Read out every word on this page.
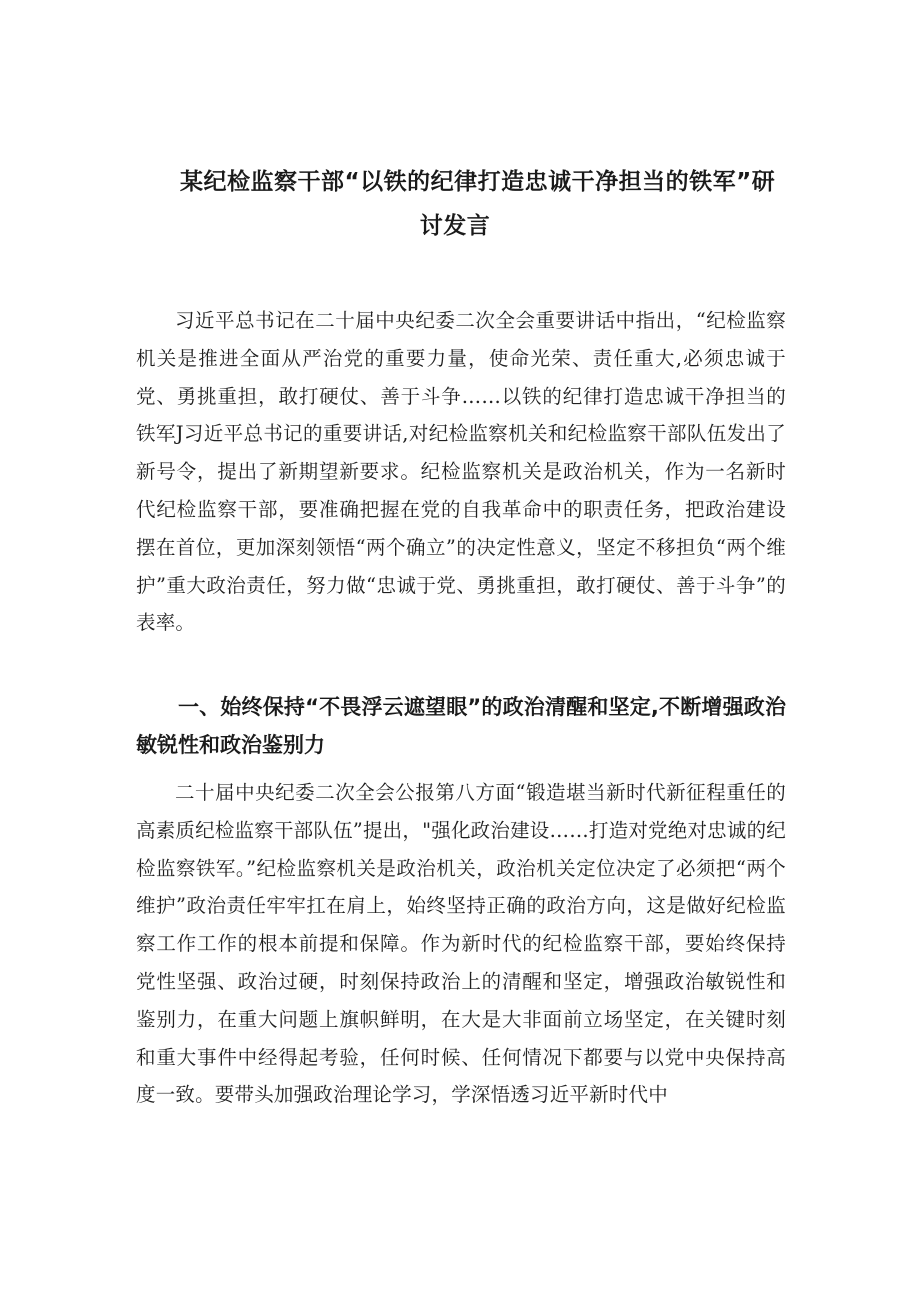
某纪检监察干部“以铁的纪律打造忠诚干净担当的铁军”研
讨发言
习近平总书记在二十届中央纪委二次全会重要讲话中指出，“纪检监察机关是推进全面从严治党的重要力量，使命光荣、责任重大,必须忠诚于党、勇挑重担，敢打硬仗、善于斗争……以铁的纪律打造忠诚干净担当的铁军J习近平总书记的重要讲话,对纪检监察机关和纪检监察干部队伍发出了新号令，提出了新期望新要求。纪检监察机关是政治机关，作为一名新时代纪检监察干部，要准确把握在党的自我革命中的职责任务，把政治建设摆在首位，更加深刻领悟“两个确立”的决定性意义，坚定不移担负“两个维护”重大政治责任，努力做“忠诚于党、勇挑重担，敢打硬仗、善于斗争”的表率。
一、始终保持“不畏浮云遮望眼”的政治清醒和坚定,不断增强政治敏锐性和政治鉴别力
二十届中央纪委二次全会公报第八方面“锻造堪当新时代新征程重任的高素质纪检监察干部队伍”提出，"强化政治建设……打造对党绝对忠诚的纪检监察铁军。”纪检监察机关是政治机关，政治机关定位决定了必须把“两个维护”政治责任牢牢扛在肩上，始终坚持正确的政治方向，这是做好纪检监察工作工作的根本前提和保障。作为新时代的纪检监察干部，要始终保持党性坚强、政治过硬，时刻保持政治上的清醒和坚定，增强政治敏锐性和鉴别力，在重大问题上旗帜鲜明，在大是大非面前立场坚定，在关键时刻和重大事件中经得起考验，任何时候、任何情况下都要与以党中央保持高度一致。要带头加强政治理论学习，学深悟透习近平新时代中
